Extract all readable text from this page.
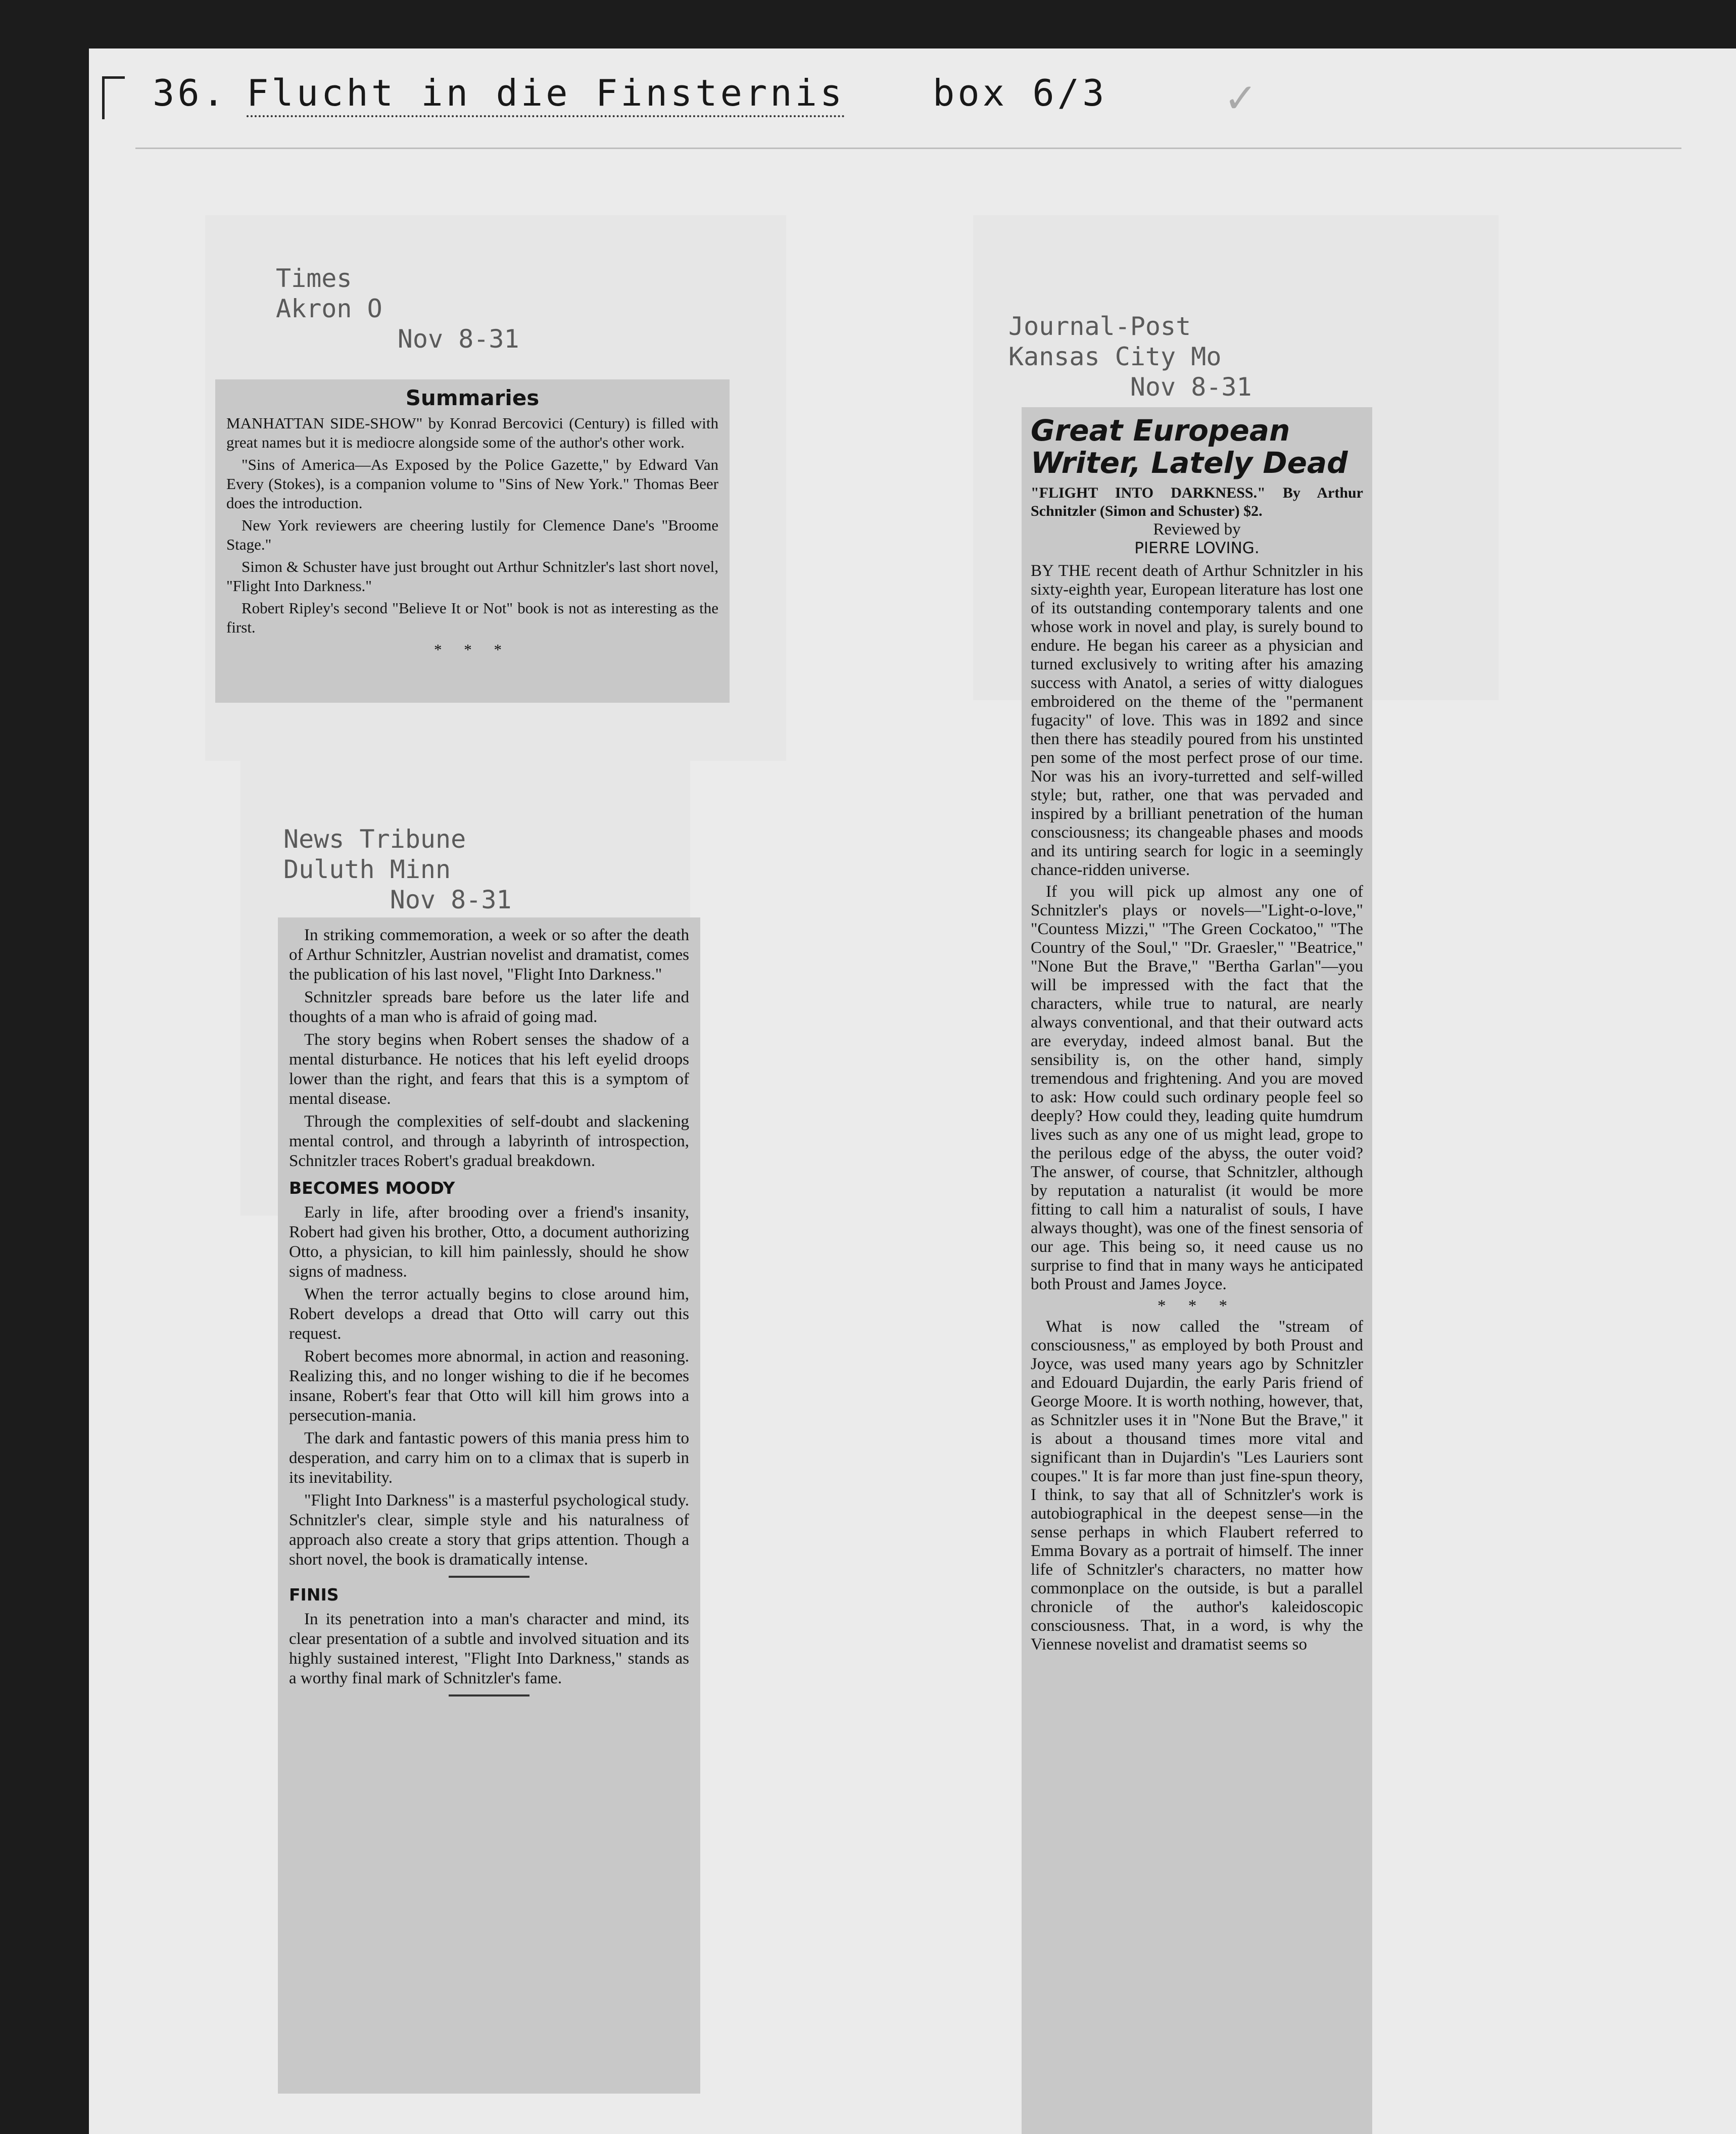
36. Flucht in die Finsternis box 6/3	✓
Times
Akron O
Nov 8-31
Summaries

MANHATTAN SIDE-SHOW" by Konrad Bercovici (Century) is filled with great names but it is mediocre alongside some of the author's other work.

"Sins of America—As Exposed by the Police Gazette," by Edward Van Every (Stokes), is a companion volume to "Sins of New York." Thomas Beer does the introduction.

New York reviewers are cheering lustily for Clemence Dane's "Broome Stage."

Simon & Schuster have just brought out Arthur Schnitzler's last short novel, "Flight Into Darkness."

Robert Ripley's second "Believe It or Not" book is not as interesting as the first.

* * *
News Tribune
Duluth Minn
Nov 8-31

In striking commemoration, a week or so after the death of Arthur Schnitzler, Austrian novelist and dramatist, comes the publication of his last novel, "Flight Into Darkness."

Schnitzler spreads bare before us the later life and thoughts of a man who is afraid of going mad.

The story begins when Robert senses the shadow of a mental disturbance. He notices that his left eyelid droops lower than the right, and fears that this is a symptom of mental disease.

Through the complexities of self-doubt and slackening mental control, and through a labyrinth of introspection, Schnitzler traces Robert's gradual breakdown.

BECOMES MOODY

Early in life, after brooding over a friend's insanity, Robert had given his brother, Otto, a document authorizing Otto, a physician, to kill him painlessly, should he show signs of madness.

When the terror actually begins to close around him, Robert develops a dread that Otto will carry out this request.

Robert becomes more abnormal, in action and reasoning. Realizing this, and no longer wishing to die if he becomes insane, Robert's fear that Otto will kill him grows into a persecution-mania.

The dark and fantastic powers of this mania press him to desperation, and carry him on to a climax that is superb in its inevitability.

"Flight Into Darkness" is a masterful psychological study. Schnitzler's clear, simple style and his naturalness of approach also create a story that grips attention. Though a short novel, the book is dramatically intense.

FINIS

In its penetration into a man's character and mind, its clear presentation of a subtle and involved situation and its highly sustained interest, "Flight Into Darkness," stands as a worthy final mark of Schnitzler's fame.

Journal-Post
Kansas City Mo
Nov 8-31
Great European Writer, Lately Dead
"FLIGHT INTO DARKNESS." By Arthur Schnitzler (Simon and Schuster) $2.
Reviewed by
PIERRE LOVING.

BY THE recent death of Arthur Schnitzler in his sixty-eighth year, European literature has lost one of its outstanding contemporary talents and one whose work in novel and play, is surely bound to endure. He began his career as a physician and turned exclusively to writing after his amazing success with Anatol, a series of witty dialogues embroidered on the theme of the "permanent fugacity" of love. This was in 1892 and since then there has steadily poured from his unstinted pen some of the most perfect prose of our time. Nor was his an ivory-turretted and self-willed style; but, rather, one that was pervaded and inspired by a brilliant penetration of the human consciousness; its changeable phases and moods and its untiring search for logic in a seemingly chance-ridden universe.

If you will pick up almost any one of Schnitzler's plays or novels—"Light-o-love," "Countess Mizzi," "The Green Cockatoo," "The Country of the Soul," "Dr. Graesler," "Beatrice," "None But the Brave," "Bertha Garlan"—you will be impressed with the fact that the characters, while true to natural, are nearly always conventional, and that their outward acts are everyday, indeed almost banal. But the sensibility is, on the other hand, simply tremendous and frightening. And you are moved to ask: How could such ordinary people feel so deeply? How could they, leading quite humdrum lives such as any one of us might lead, grope to the perilous edge of the abyss, the outer void? The answer, of course, that Schnitzler, although by reputation a naturalist (it would be more fitting to call him a naturalist of souls, I have always thought), was one of the finest sensoria of our age. This being so, it need cause us no surprise to find that in many ways he anticipated both Proust and James Joyce.

* * *

What is now called the "stream of consciousness," as employed by both Proust and Joyce, was used many years ago by Schnitzler and Edouard Dujardin, the early Paris friend of George Moore. It is worth nothing, however, that, as Schnitzler uses it in "None But the Brave," it is about a thousand times more vital and significant than in Dujardin's "Les Lauriers sont coupes." It is far more than just fine-spun theory, I think, to say that all of Schnitzler's work is autobiographical in the deepest sense—in the sense perhaps in which Flaubert referred to Emma Bovary as a portrait of himself. The inner life of Schnitzler's characters, no matter how commonplace on the outside, is but a parallel chronicle of the author's kaleidoscopic consciousness. That, in a word, is why the Viennese novelist and dramatist seems so
